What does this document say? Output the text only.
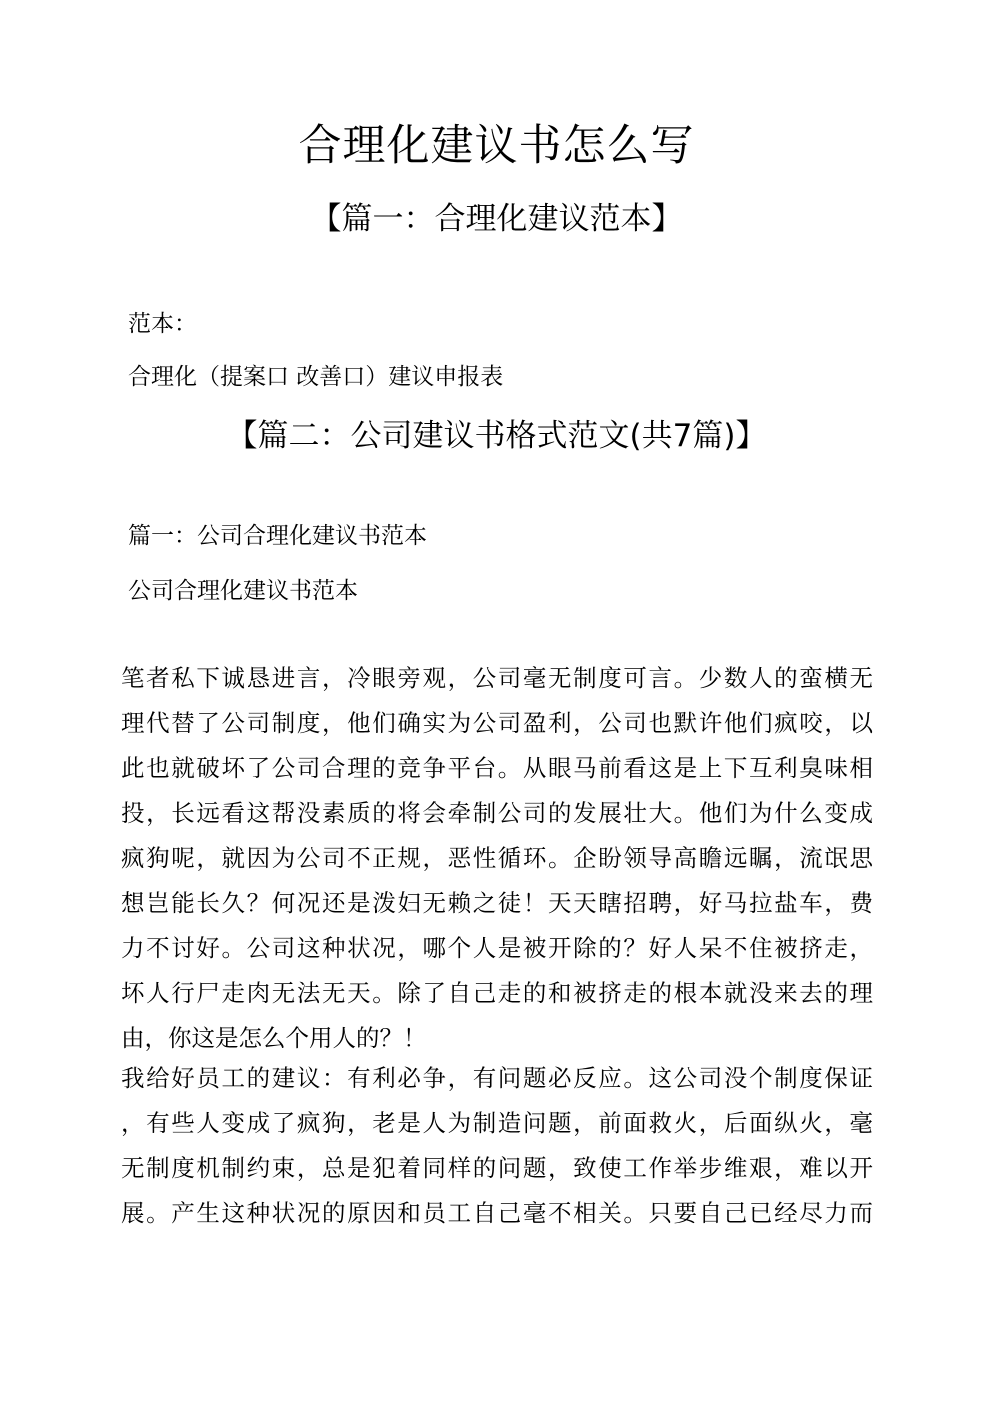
合理化建议书怎么写
【篇一：合理化建议范本】
范本：
合理化（提案口 改善口）建议申报表
【篇二：公司建议书格式范文(共7篇)】
篇一：公司合理化建议书范本
公司合理化建议书范本
笔者私下诚恳进言，冷眼旁观，公司毫无制度可言。少数人的蛮横无
理代替了公司制度，他们确实为公司盈利，公司也默许他们疯咬，以
此也就破坏了公司合理的竞争平台。从眼马前看这是上下互利臭味相
投，长远看这帮没素质的将会牵制公司的发展壮大。他们为什么变成
疯狗呢，就因为公司不正规，恶性循环。企盼领导高瞻远瞩，流氓思
想岂能长久？何况还是泼妇无赖之徒！天天瞎招聘，好马拉盐车，费
力不讨好。公司这种状况，哪个人是被开除的？好人呆不住被挤走，
坏人行尸走肉无法无天。除了自己走的和被挤走的根本就没来去的理
由，你这是怎么个用人的？！
我给好员工的建议：有利必争，有问题必反应。这公司没个制度保证
，有些人变成了疯狗，老是人为制造问题，前面救火，后面纵火，毫
无制度机制约束，总是犯着同样的问题，致使工作举步维艰，难以开
展。产生这种状况的原因和员工自己毫不相关。只要自己已经尽力而
